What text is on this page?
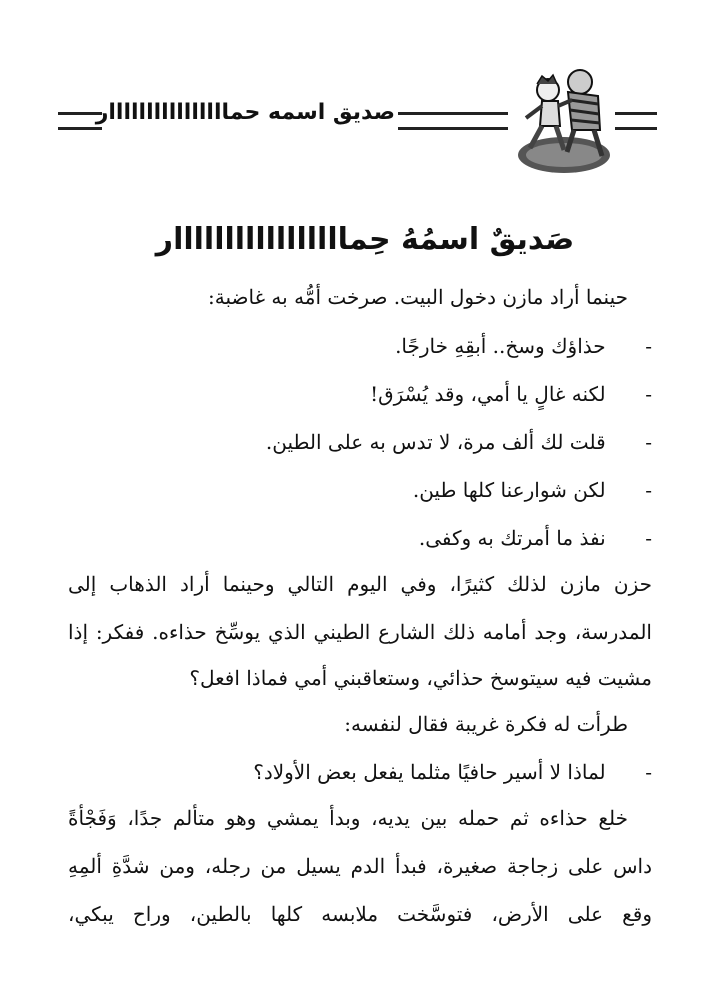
صديق اسمه حماااااااااااااااار
صَديقٌ اسمُهُ حِمااااااااااااااااار
حينما أراد مازن دخول البيت. صرخت أمُّه به غاضبة:
- حذاؤك وسخ.. أبقِهِ خارجًا.
- لكنه غالٍ يا أمي، وقد يُسْرَق!
- قلت لك ألف مرة، لا تدس به على الطين.
- لكن شوارعنا كلها طين.
- نفذ ما أمرتك به وكفى.
حزن مازن لذلك كثيرًا، وفي اليوم التالي وحينما أراد الذهاب إلى
المدرسة، وجد أمامه ذلك الشارع الطيني الذي يوسِّخ حذاءه. ففكر: إذا
مشيت فيه سيتوسخ حذائي، وستعاقبني أمي فماذا افعل؟
طرأت له فكرة غريبة فقال لنفسه:
- لماذا لا أسير حافيًا مثلما يفعل بعض الأولاد؟
خلع حذاءه ثم حمله بين يديه، وبدأ يمشي وهو متألم جدًا، وَفَجْأةً
داس على زجاجة صغيرة، فبدأ الدم يسيل من رجله، ومن شدَّةِ ألمِهِ
وقع على الأرض، فتوسَّخت ملابسه كلها بالطين، وراح يبكي،
